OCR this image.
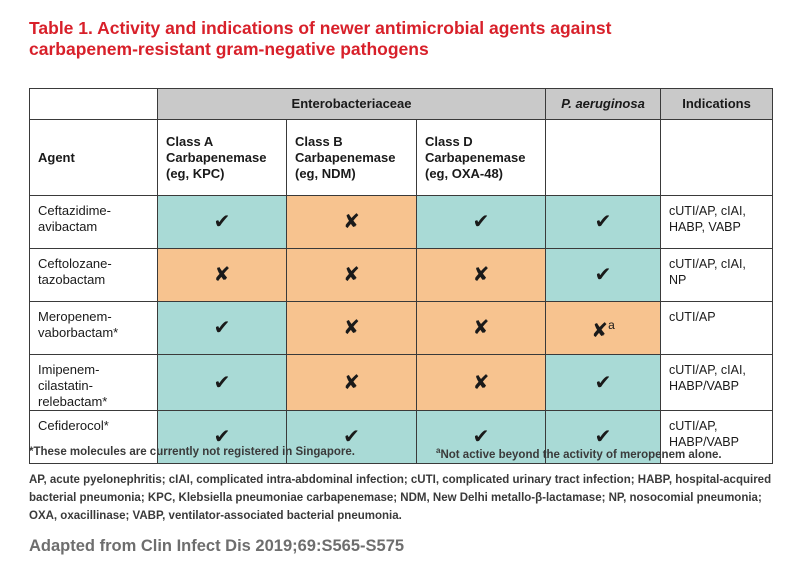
Table 1. Activity and indications of newer antimicrobial agents against
carbapenem-resistant gram-negative pathogens
	Enterobacteriaceae			P. aeruginosa	Indications
Agent	Class A Carbapenemase (eg, KPC)	Class B Carbapenemase (eg, NDM)	Class D Carbapenemase (eg, OXA-48)		
Ceftazidime-avibactam	✔	✘	✔	✔	cUTI/AP, cIAI, HABP, VABP
Ceftolozane-tazobactam	✘	✘	✘	✔	cUTI/AP, cIAI, NP
Meropenem-vaborbactam*	✔	✘	✘	✘$^a$	cUTI/AP
Imipenem-cilastatin-relebactam*	✔	✘	✘	✔	cUTI/AP, cIAI, HABP/VABP
Cefiderocol*	✔	✔	✔	✔	cUTI/AP, HABP/VABP
*These molecules are currently not registered in Singapore.	$^a$Not active beyond the activity of meropenem alone.
AP, acute pyelonephritis; cIAI, complicated intra-abdominal infection; cUTI, complicated urinary tract infection; HABP, hospital-acquired bacterial pneumonia; KPC, Klebsiella pneumoniae carbapenemase; NDM, New Delhi metallo-β-lactamase; NP, nosocomial pneumonia; OXA, oxacillinase; VABP, ventilator-associated bacterial pneumonia.
Adapted from Clin Infect Dis 2019;69:S565-S575
